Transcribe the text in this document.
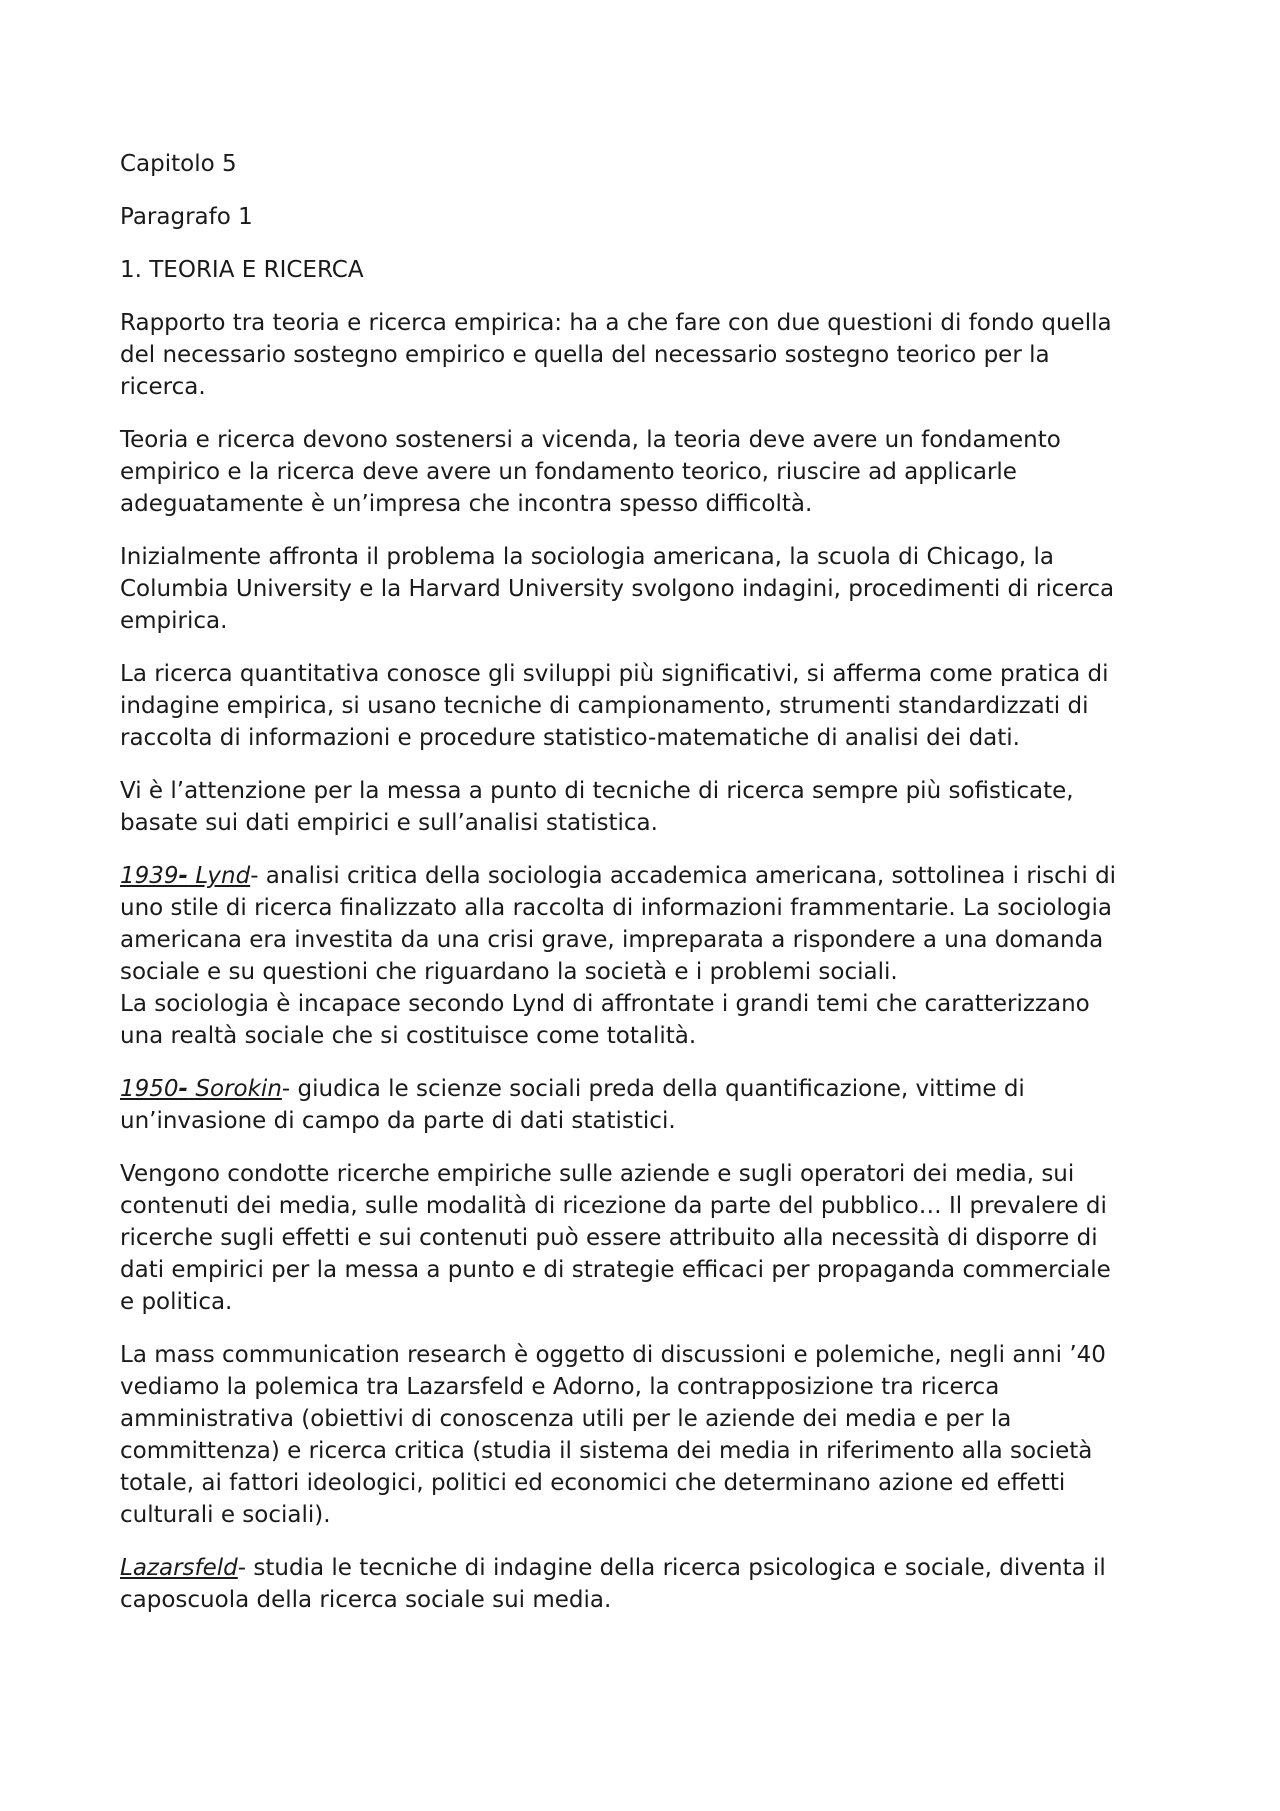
Capitolo 5
Paragrafo 1
1. TEORIA E RICERCA

Rapporto tra teoria e ricerca empirica: ha a che fare con due questioni di fondo quella
del necessario sostegno empirico e quella del necessario sostegno teorico per la
ricerca.

Teoria e ricerca devono sostenersi a vicenda, la teoria deve avere un fondamento
empirico e la ricerca deve avere un fondamento teorico, riuscire ad applicarle
adeguatamente è un’impresa che incontra spesso difficoltà.

Inizialmente affronta il problema la sociologia americana, la scuola di Chicago, la
Columbia University e la Harvard University svolgono indagini, procedimenti di ricerca
empirica.

La ricerca quantitativa conosce gli sviluppi più significativi, si afferma come pratica di
indagine empirica, si usano tecniche di campionamento, strumenti standardizzati di
raccolta di informazioni e procedure statistico-matematiche di analisi dei dati.

Vi è l’attenzione per la messa a punto di tecniche di ricerca sempre più sofisticate,
basate sui dati empirici e sull’analisi statistica.

1939- Lynd- analisi critica della sociologia accademica americana, sottolinea i rischi di
uno stile di ricerca finalizzato alla raccolta di informazioni frammentarie. La sociologia
americana era investita da una crisi grave, impreparata a rispondere a una domanda
sociale e su questioni che riguardano la società e i problemi sociali.
La sociologia è incapace secondo Lynd di affrontate i grandi temi che caratterizzano
una realtà sociale che si costituisce come totalità.

1950- Sorokin- giudica le scienze sociali preda della quantificazione, vittime di
un’invasione di campo da parte di dati statistici.

Vengono condotte ricerche empiriche sulle aziende e sugli operatori dei media, sui
contenuti dei media, sulle modalità di ricezione da parte del pubblico… Il prevalere di
ricerche sugli effetti e sui contenuti può essere attribuito alla necessità di disporre di
dati empirici per la messa a punto e di strategie efficaci per propaganda commerciale
e politica.

La mass communication research è oggetto di discussioni e polemiche, negli anni ’40
vediamo la polemica tra Lazarsfeld e Adorno, la contrapposizione tra ricerca
amministrativa (obiettivi di conoscenza utili per le aziende dei media e per la
committenza) e ricerca critica (studia il sistema dei media in riferimento alla società
totale, ai fattori ideologici, politici ed economici che determinano azione ed effetti
culturali e sociali).

Lazarsfeld- studia le tecniche di indagine della ricerca psicologica e sociale, diventa il
caposcuola della ricerca sociale sui media.
